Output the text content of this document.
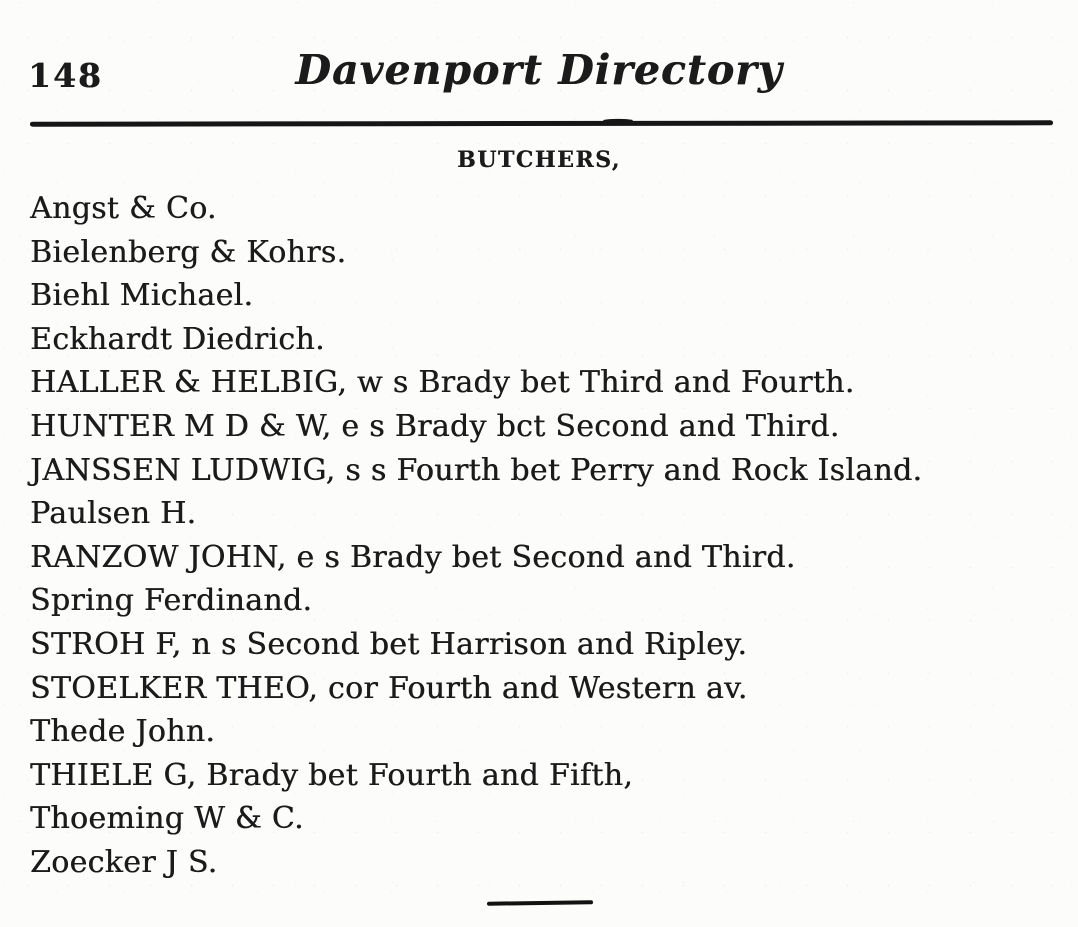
148	Davenport Directory
BUTCHERS,
Angst & Co.
Bielenberg & Kohrs.
Biehl Michael.
Eckhardt Diedrich.
HALLER & HELBIG, w s Brady bet Third and Fourth.
HUNTER M D & W, e s Brady bct Second and Third.
JANSSEN LUDWIG, s s Fourth bet Perry and Rock Island.
Paulsen H.
RANZOW JOHN, e s Brady bet Second and Third.
Spring Ferdinand.
STROH F, n s Second bet Harrison and Ripley.
STOELKER THEO, cor Fourth and Western av.
Thede John.
THIELE G, Brady bet Fourth and Fifth,
Thoeming W & C.
Zoecker J S.
